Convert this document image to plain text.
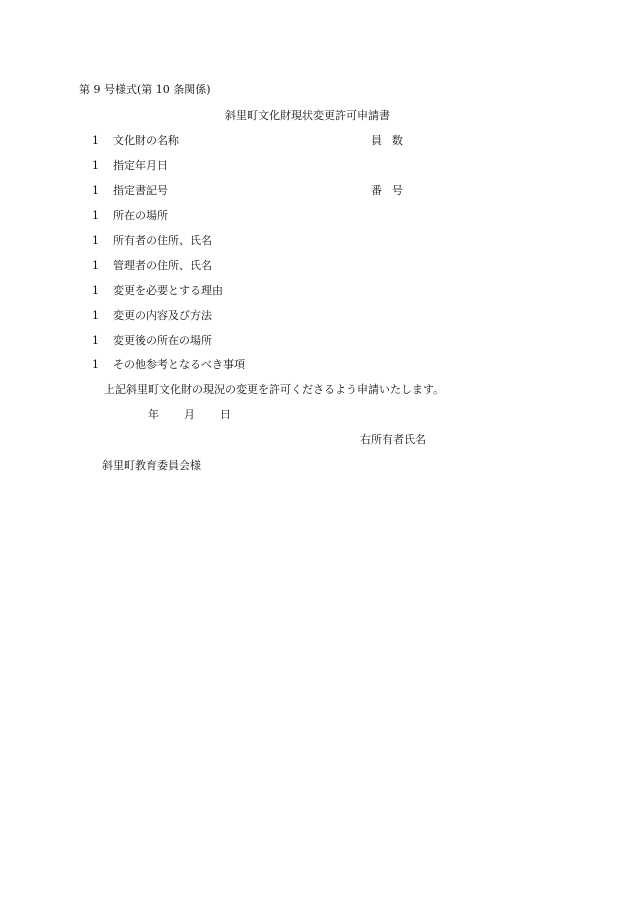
第 9 号様式(第 10 条関係)
斜里町文化財現状変更許可申請書
1 文化財の名称	員数
1 指定年月日
1 指定書記号	番号
1 所在の場所
1 所有者の住所、氏名
1 管理者の住所、氏名
1 変更を必要とする理由
1 変更の内容及び方法
1 変更後の所在の場所
1 その他参考となるべき事項
上記斜里町文化財の現況の変更を許可くださるよう申請いたします。
年 月 日
右所有者氏名
斜里町教育委員会様
